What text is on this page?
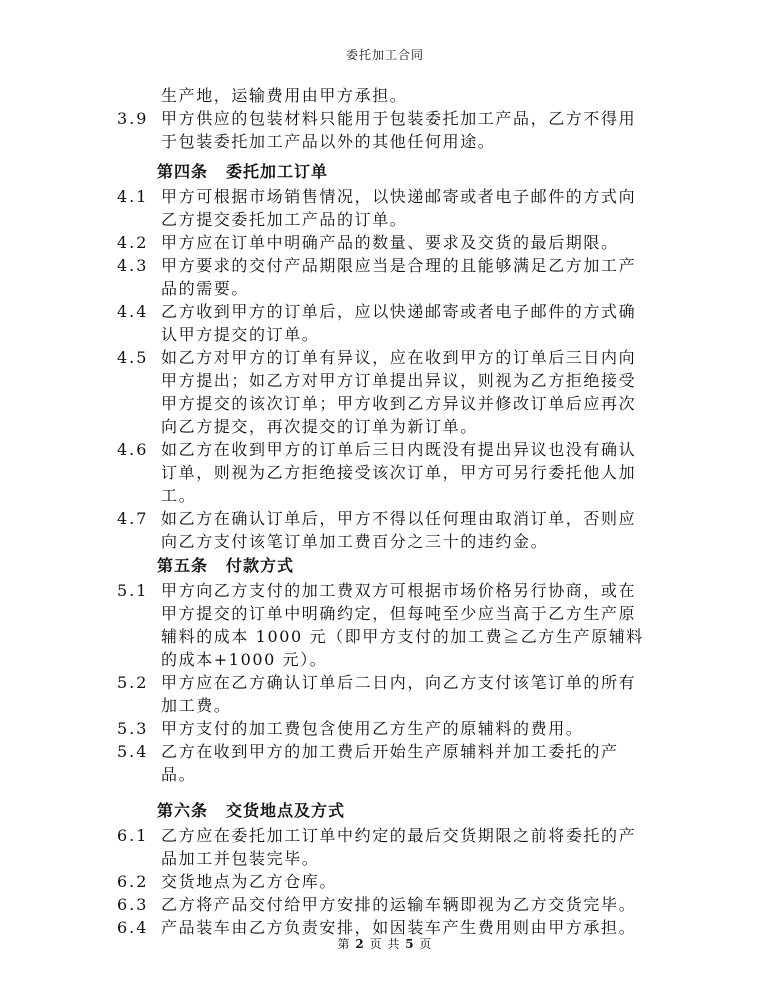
委托加工合同
生产地，运输费用由甲方承担。
3.9 甲方供应的包装材料只能用于包装委托加工产品，乙方不得用
于包装委托加工产品以外的其他任何用途。
第四条 委托加工订单
4.1 甲方可根据市场销售情况，以快递邮寄或者电子邮件的方式向
乙方提交委托加工产品的订单。
4.2 甲方应在订单中明确产品的数量、要求及交货的最后期限。
4.3 甲方要求的交付产品期限应当是合理的且能够满足乙方加工产
品的需要。
4.4 乙方收到甲方的订单后，应以快递邮寄或者电子邮件的方式确
认甲方提交的订单。
4.5 如乙方对甲方的订单有异议，应在收到甲方的订单后三日内向
甲方提出；如乙方对甲方订单提出异议，则视为乙方拒绝接受
甲方提交的该次订单；甲方收到乙方异议并修改订单后应再次
向乙方提交，再次提交的订单为新订单。
4.6 如乙方在收到甲方的订单后三日内既没有提出异议也没有确认
订单，则视为乙方拒绝接受该次订单，甲方可另行委托他人加
工。
4.7 如乙方在确认订单后，甲方不得以任何理由取消订单，否则应
向乙方支付该笔订单加工费百分之三十的违约金。
第五条 付款方式
5.1 甲方向乙方支付的加工费双方可根据市场价格另行协商，或在
甲方提交的订单中明确约定，但每吨至少应当高于乙方生产原
辅料的成本 1000 元（即甲方支付的加工费≧乙方生产原辅料
的成本+1000 元）。
5.2 甲方应在乙方确认订单后二日内，向乙方支付该笔订单的所有
加工费。
5.3 甲方支付的加工费包含使用乙方生产的原辅料的费用。
5.4 乙方在收到甲方的加工费后开始生产原辅料并加工委托的产
品。
第六条 交货地点及方式
6.1 乙方应在委托加工订单中约定的最后交货期限之前将委托的产
品加工并包装完毕。
6.2 交货地点为乙方仓库。
6.3 乙方将产品交付给甲方安排的运输车辆即视为乙方交货完毕。
6.4 产品装车由乙方负责安排，如因装车产生费用则由甲方承担。
第 2 页 共 5 页
